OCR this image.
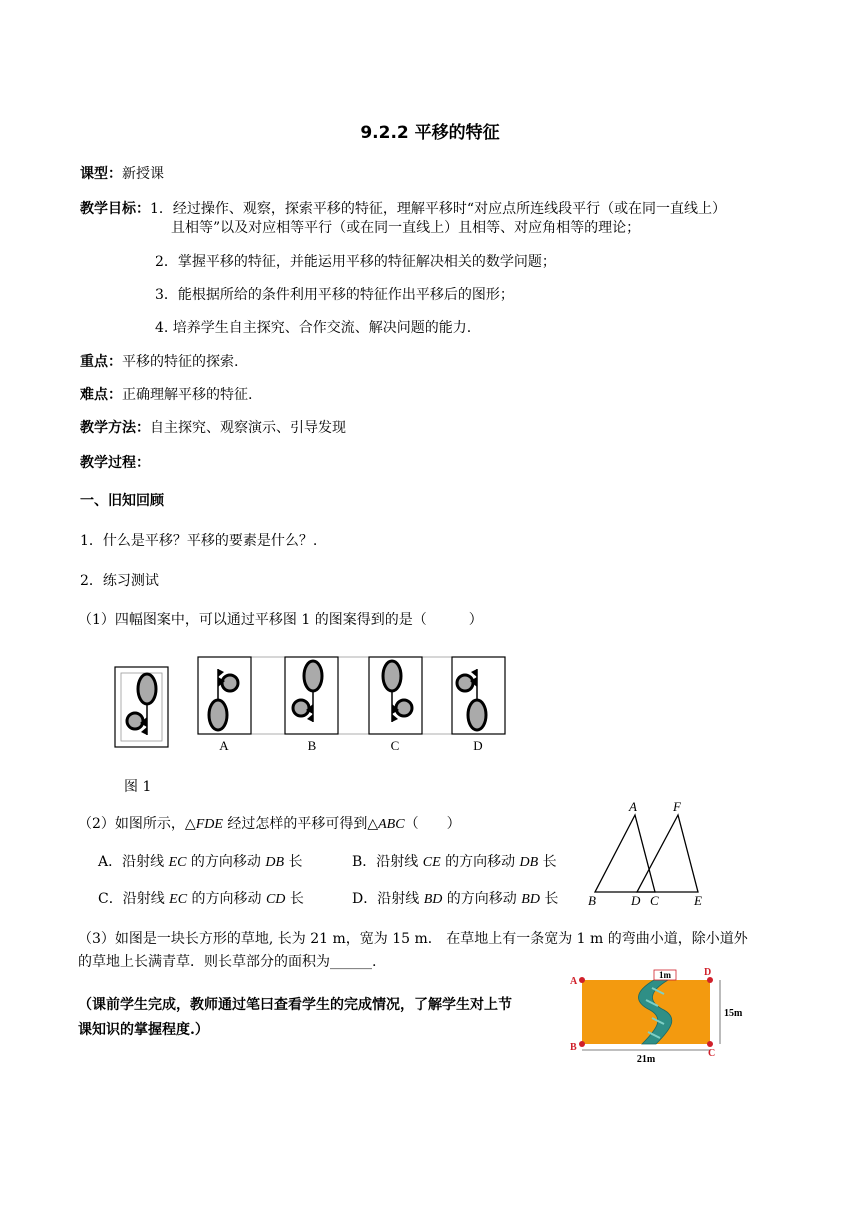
9.2.2 平移的特征
课型：新授课
教学目标：1．经过操作、观察，探索平移的特征，理解平移时“对应点所连线段平行（或在同一直线上）
且相等”以及对应相等平行（或在同一直线上）且相等、对应角相等的理论；
2．掌握平移的特征，并能运用平移的特征解决相关的数学问题；
3．能根据所给的条件利用平移的特征作出平移后的图形；
4. 培养学生自主探究、合作交流、解决问题的能力.
重点：平移的特征的探索.
难点：正确理解平移的特征.
教学方法：自主探究、观察演示、引导发现
教学过程：
一、旧知回顾
1．什么是平移？平移的要素是什么？.
2．练习测试
（1）四幅图案中，可以通过平移图 1 的图案得到的是（　　　）
A	B	C	D
图 1
（2）如图所示，△FDE 经过怎样的平移可得到△ABC（　　）
A．沿射线 EC 的方向移动 DB 长	B．沿射线 CE 的方向移动 DB 长
C．沿射线 EC 的方向移动 CD 长	D．沿射线 BD 的方向移动 BD 长
A	F
B	D C	E
（3）如图是一块长方形的草地, 长为 21 m，宽为 15 m． 在草地上有一条宽为 1 m 的弯曲小道，除小道外
的草地上长满青草．则长草部分的面积为______.
（课前学生完成，教师通过笔曰查看学生的完成情况，了解学生对上节
课知识的掌握程度.）
1m
A
D
B
C
15m
21m
